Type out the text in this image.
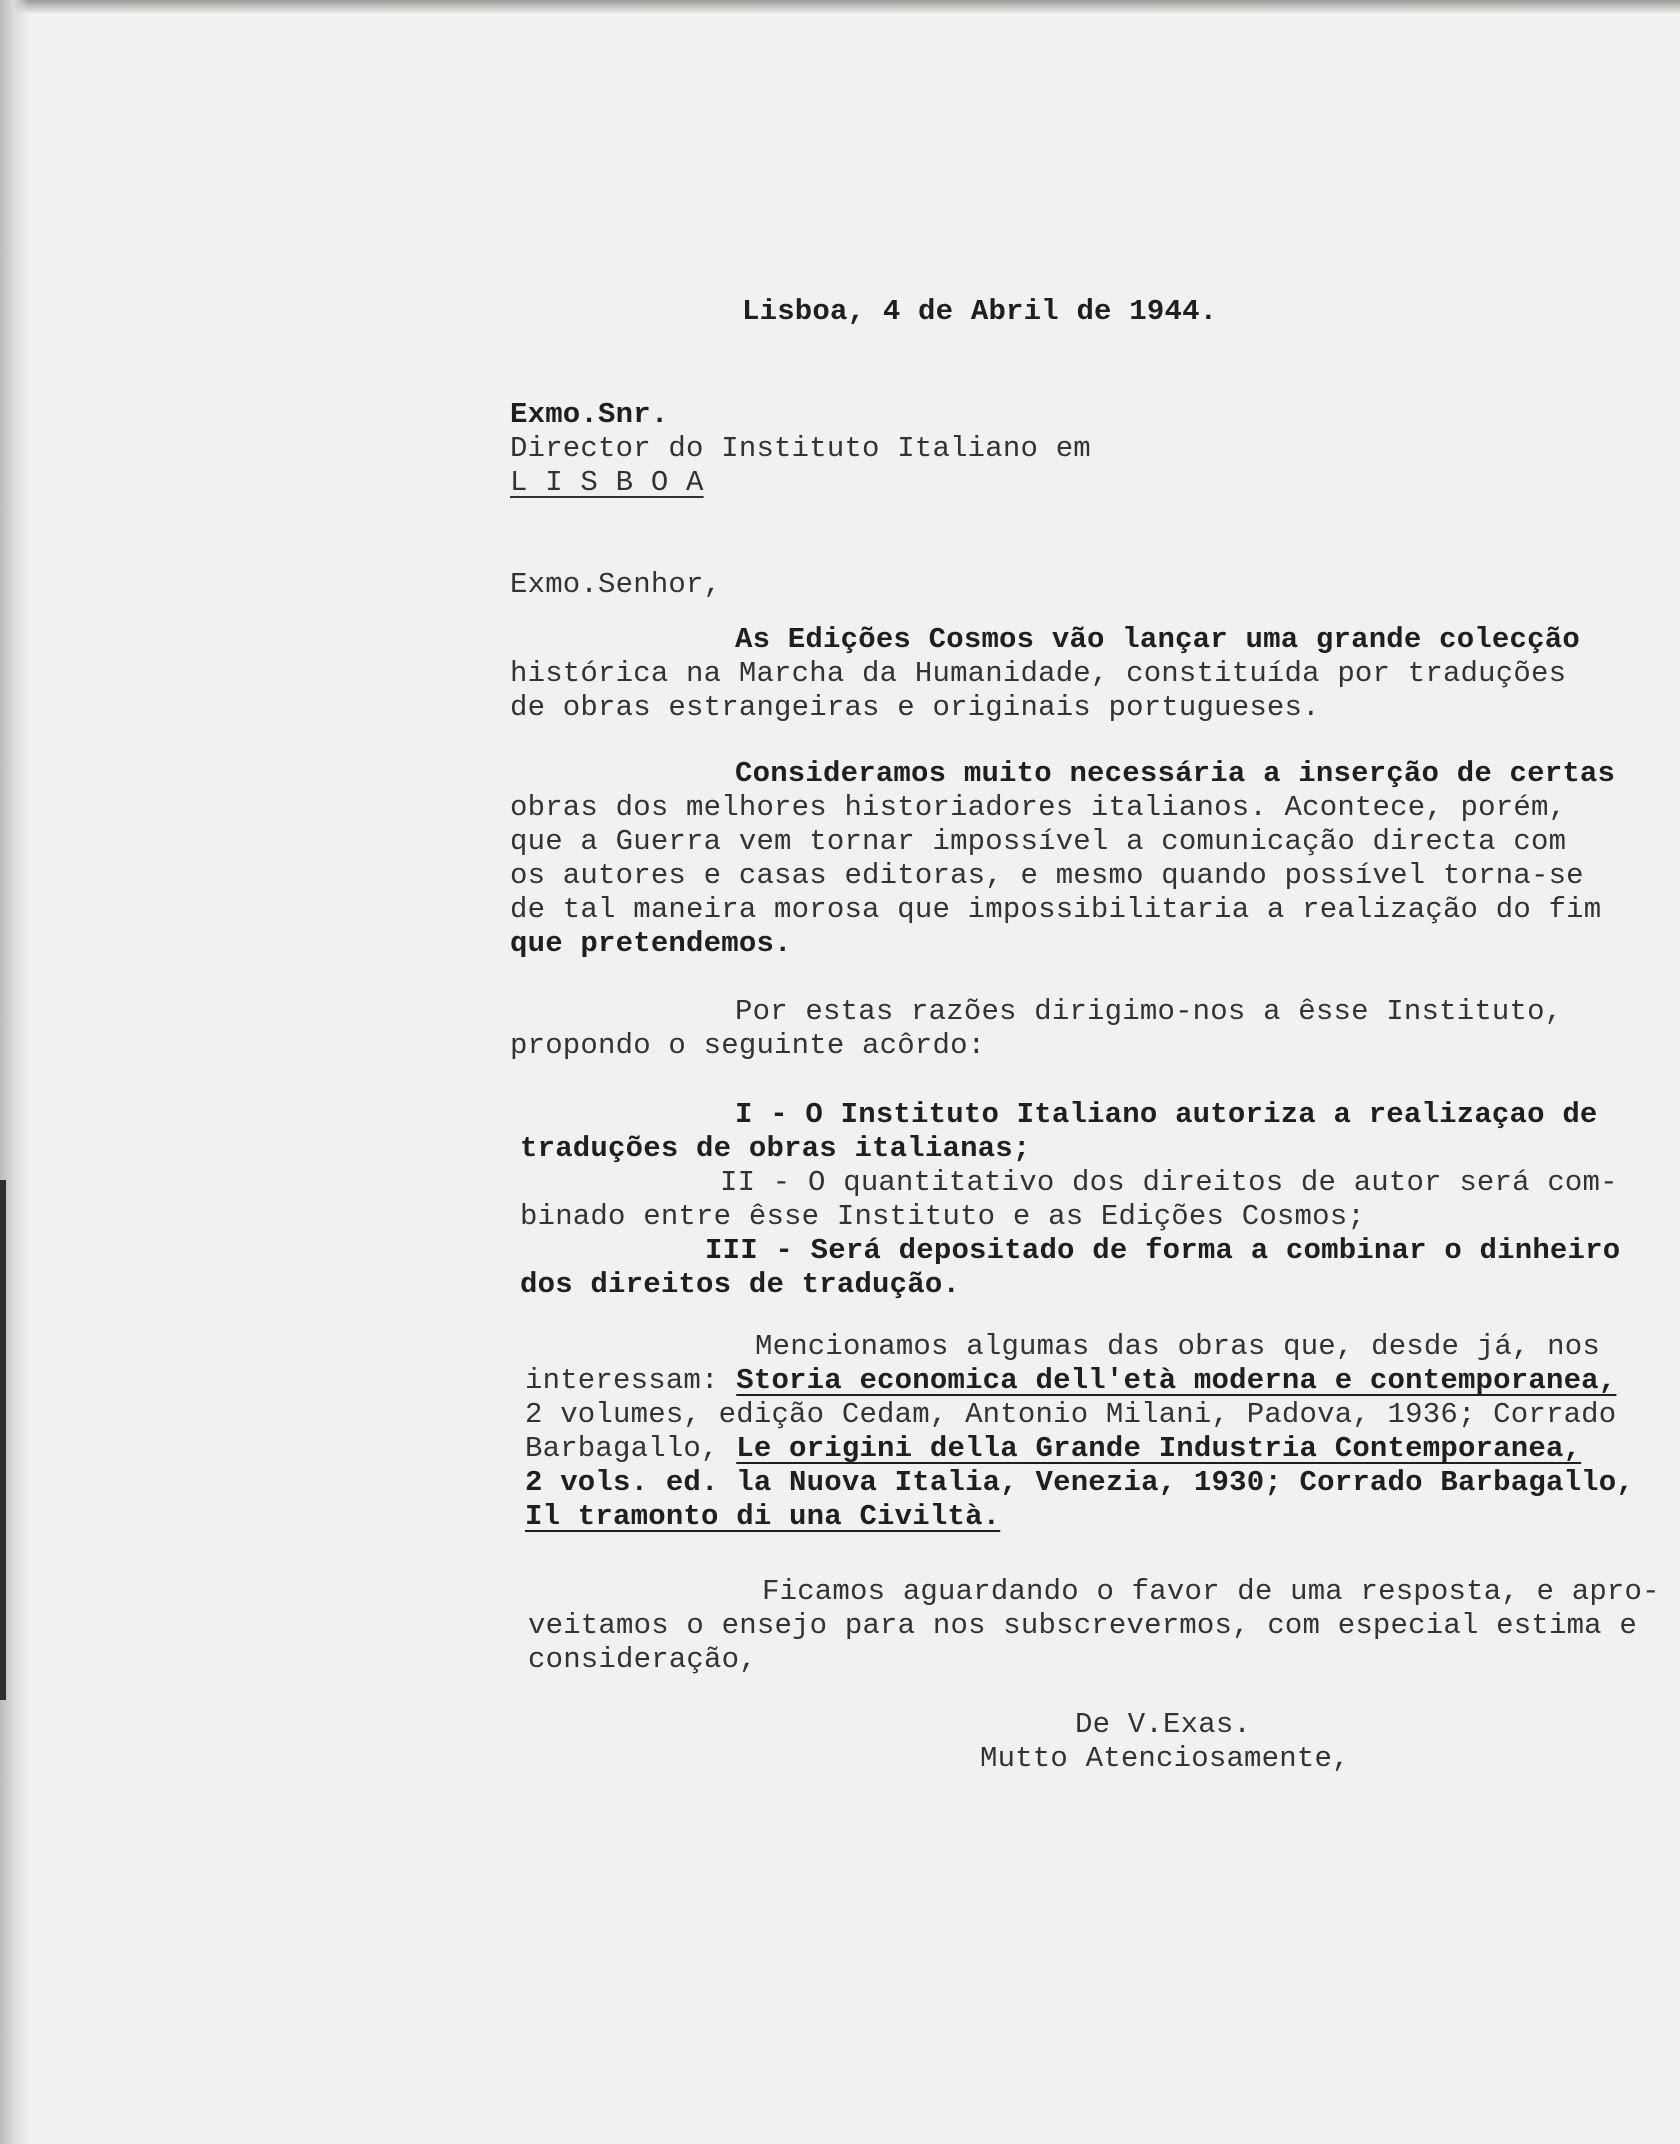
Lisboa, 4 de Abril de 1944.

Exmo.Snr.

Director do Instituto Italiano em

L I S B O A

Exmo.Senhor,

As Edições Cosmos vão lançar uma grande colecção

histórica na Marcha da Humanidade, constituída por traduções

de obras estrangeiras e originais portugueses.

Consideramos muito necessária a inserção de certas

obras dos melhores historiadores italianos. Acontece, porém,

que a Guerra vem tornar impossível a comunicação directa com

os autores e casas editoras, e mesmo quando possível torna-se

de tal maneira morosa que impossibilitaria a realização do fim

que pretendemos.

Por estas razões dirigimo-nos a êsse Instituto,

propondo o seguinte acôrdo:

I - O Instituto Italiano autoriza a realizaçao de

traduções de obras italianas;

II - O quantitativo dos direitos de autor será com-

binado entre êsse Instituto e as Edições Cosmos;

III - Será depositado de forma a combinar o dinheiro

dos direitos de tradução.

Mencionamos algumas das obras que, desde já, nos

interessam: Storia economica dell'età moderna e contemporanea,

2 volumes, edição Cedam, Antonio Milani, Padova, 1936; Corrado

Barbagallo, Le origini della Grande Industria Contemporanea,

2 vols. ed. la Nuova Italia, Venezia, 1930; Corrado Barbagallo,

Il tramonto di una Civiltà.

Ficamos aguardando o favor de uma resposta, e apro-

veitamos o ensejo para nos subscrevermos, com especial estima e

consideração,

De V.Exas.

Mutto Atenciosamente,
